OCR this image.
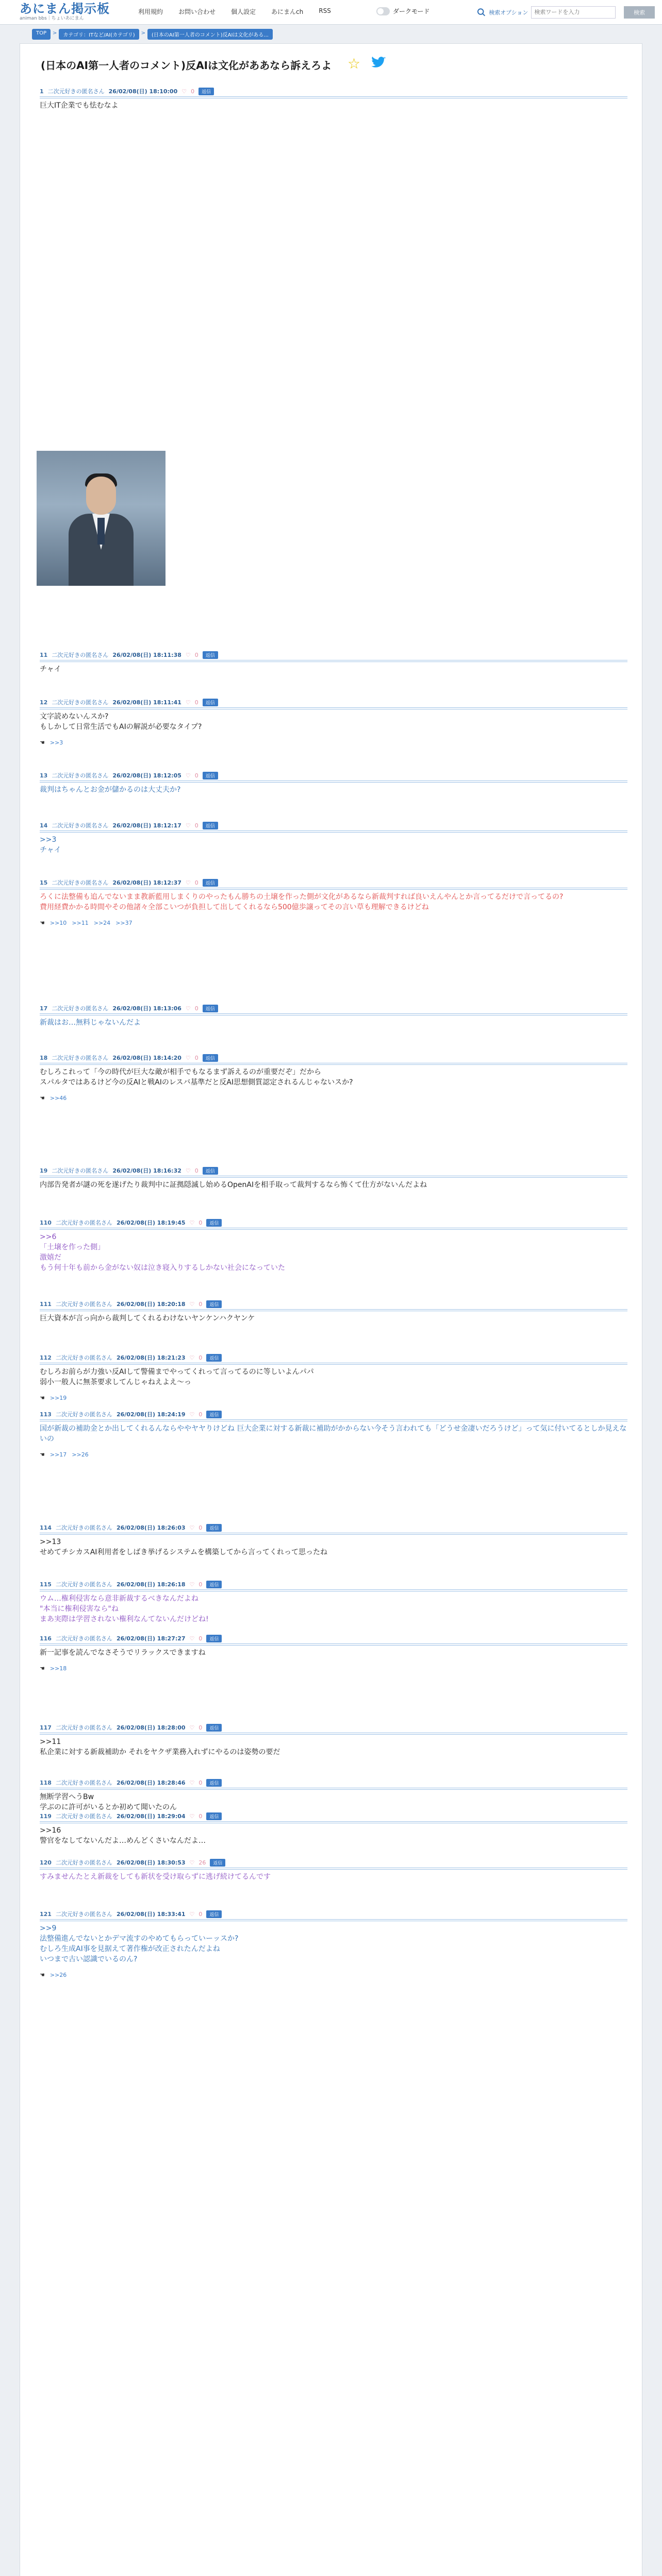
あにまん掲示板
animan bbs｜ちょいあにまん
利用規約	お問い合わせ	個人設定	あにまんch	RSS	ダークモード	検索オプション
検索ワードを入力	検索
TOP	>	カテゴリ：ITなど/AI(カテゴリ)	>	(日本のAI第一人者のコメント)反AIは文化がある...
(日本のAI第一人者のコメント)反AIは文化がああなら訴えろよ ☆
1 二次元好きの匿名さん 26/02/08(日) 18:10:00 ♡ 0	返信
巨大IT企業でも怯むなよ
11 二次元好きの匿名さん 26/02/08(日) 18:11:38 ♡ 0	返信
チャイ
12 二次元好きの匿名さん 26/02/08(日) 18:11:41 ♡ 0	返信
文字読めないんスか?
もしかして日常生活でもAIの解説が必要なタイプ?
☚ >>3
13 二次元好きの匿名さん 26/02/08(日) 18:12:05 ♡ 0	返信
裁判はちゃんとお金が儲かるのは大丈夫か?
14 二次元好きの匿名さん 26/02/08(日) 18:12:17 ♡ 0	返信
>>3
チャイ
15 二次元好きの匿名さん 26/02/08(日) 18:12:37 ♡ 0	返信
ろくに法整備も追んでないまま教新藍用しまくりのやったもん勝ちの土壌を作った側が文化があるなら新裁判すれば良いえんやんとか言ってるだけで言ってるの?
費用経費かかる時間やその他諸々全部こいつが負担して出してくれるなら500億歩譲ってその言い草も理解できるけどね
☚ >>10 >>11 >>24 >>37
17 二次元好きの匿名さん 26/02/08(日) 18:13:06 ♡ 0	返信
新裁はお…無料じゃないんだよ
18 二次元好きの匿名さん 26/02/08(日) 18:14:20 ♡ 0	返信
むしろこれって「今の時代が巨大な敵が相手でもなるまず訴えるのが重要だぞ」だから
スパルタではあるけど今の反AIと戦AIのレスバ基準だと反AI思想側質認定されるんじゃないスか?
☚ >>46
19 二次元好きの匿名さん 26/02/08(日) 18:16:32 ♡ 0	返信
内部告発者が謎の死を遂げたり裁判中に証拠隠滅し始めるOpenAIを相手取って裁判するなら怖くて仕方がないんだよね
110 二次元好きの匿名さん 26/02/08(日) 18:19:45 ♡ 0	返信
>>6
「土壌を作った側」
激嬉だ
もう何十年も前から金がない奴は泣き寝入りするしかない社会になっていた
111 二次元好きの匿名さん 26/02/08(日) 18:20:18 ♡ 0	返信
巨大資本が言っ向から裁判してくれるわけないヤンケンハクヤンケ
112 二次元好きの匿名さん 26/02/08(日) 18:21:23 ♡ 0	返信
むしろお前らが力強い反AIして警備までやってくれって言ってるのに等しいよんパパ
弱小一般人に無茶要求してんじゃねえよえ〜っ
☚ >>19
113 二次元好きの匿名さん 26/02/08(日) 18:24:19 ♡ 0	返信
国が新裁の補助金とか出してくれるんならややヤヤりけどね 巨大企業に対する新裁に補助がかからない今そう言われても「どうせ金凄いだろうけど」って気に付いてるとしか見えないの
☚ >>17 >>26
114 二次元好きの匿名さん 26/02/08(日) 18:26:03 ♡ 0	返信
>>13
せめてチシカスAI利用者をしばき挙げるシステムを構築してから言ってくれって思ったね
115 二次元好きの匿名さん 26/02/08(日) 18:26:18 ♡ 0	返信
ウム…権利侵害なら意非新裁するべきなんだよね
"本当に権利侵害なら"ね
まあ実際は学習されない権利なんてないんだけどね!
116 二次元好きの匿名さん 26/02/08(日) 18:27:27 ♡ 0	返信
新一記事を読んでなさそうでリラックスできますね
☚ >>18
117 二次元好きの匿名さん 26/02/08(日) 18:28:00 ♡ 0	返信
>>11
私企業に対する新裁補助か それをヤクザ業務入れずにやるのは姿勢の要だ
118 二次元好きの匿名さん 26/02/08(日) 18:28:46 ♡ 0	返信
無断学習へうBw
学ぶのに許可がいるとか初めて聞いたのん
119 二次元好きの匿名さん 26/02/08(日) 18:29:04 ♡ 0	返信
>>16
警官をなしてないんだよ…めんどくさいなんだよ…
120 二次元好きの匿名さん 26/02/08(日) 18:30:53 ♡ 26	返信
すみませんたとえ新裁をしても新状を受け取らずに逃げ続けてるんです
121 二次元好きの匿名さん 26/02/08(日) 18:33:41 ♡ 0	返信
>>9
法整備進んでないとかデマ流すのやめてもらっていーッスか?
むしろ生成AI事を見据えて著作権が改正されたんだよね
いつまで古い認識でいるのん?
☚ >>26
